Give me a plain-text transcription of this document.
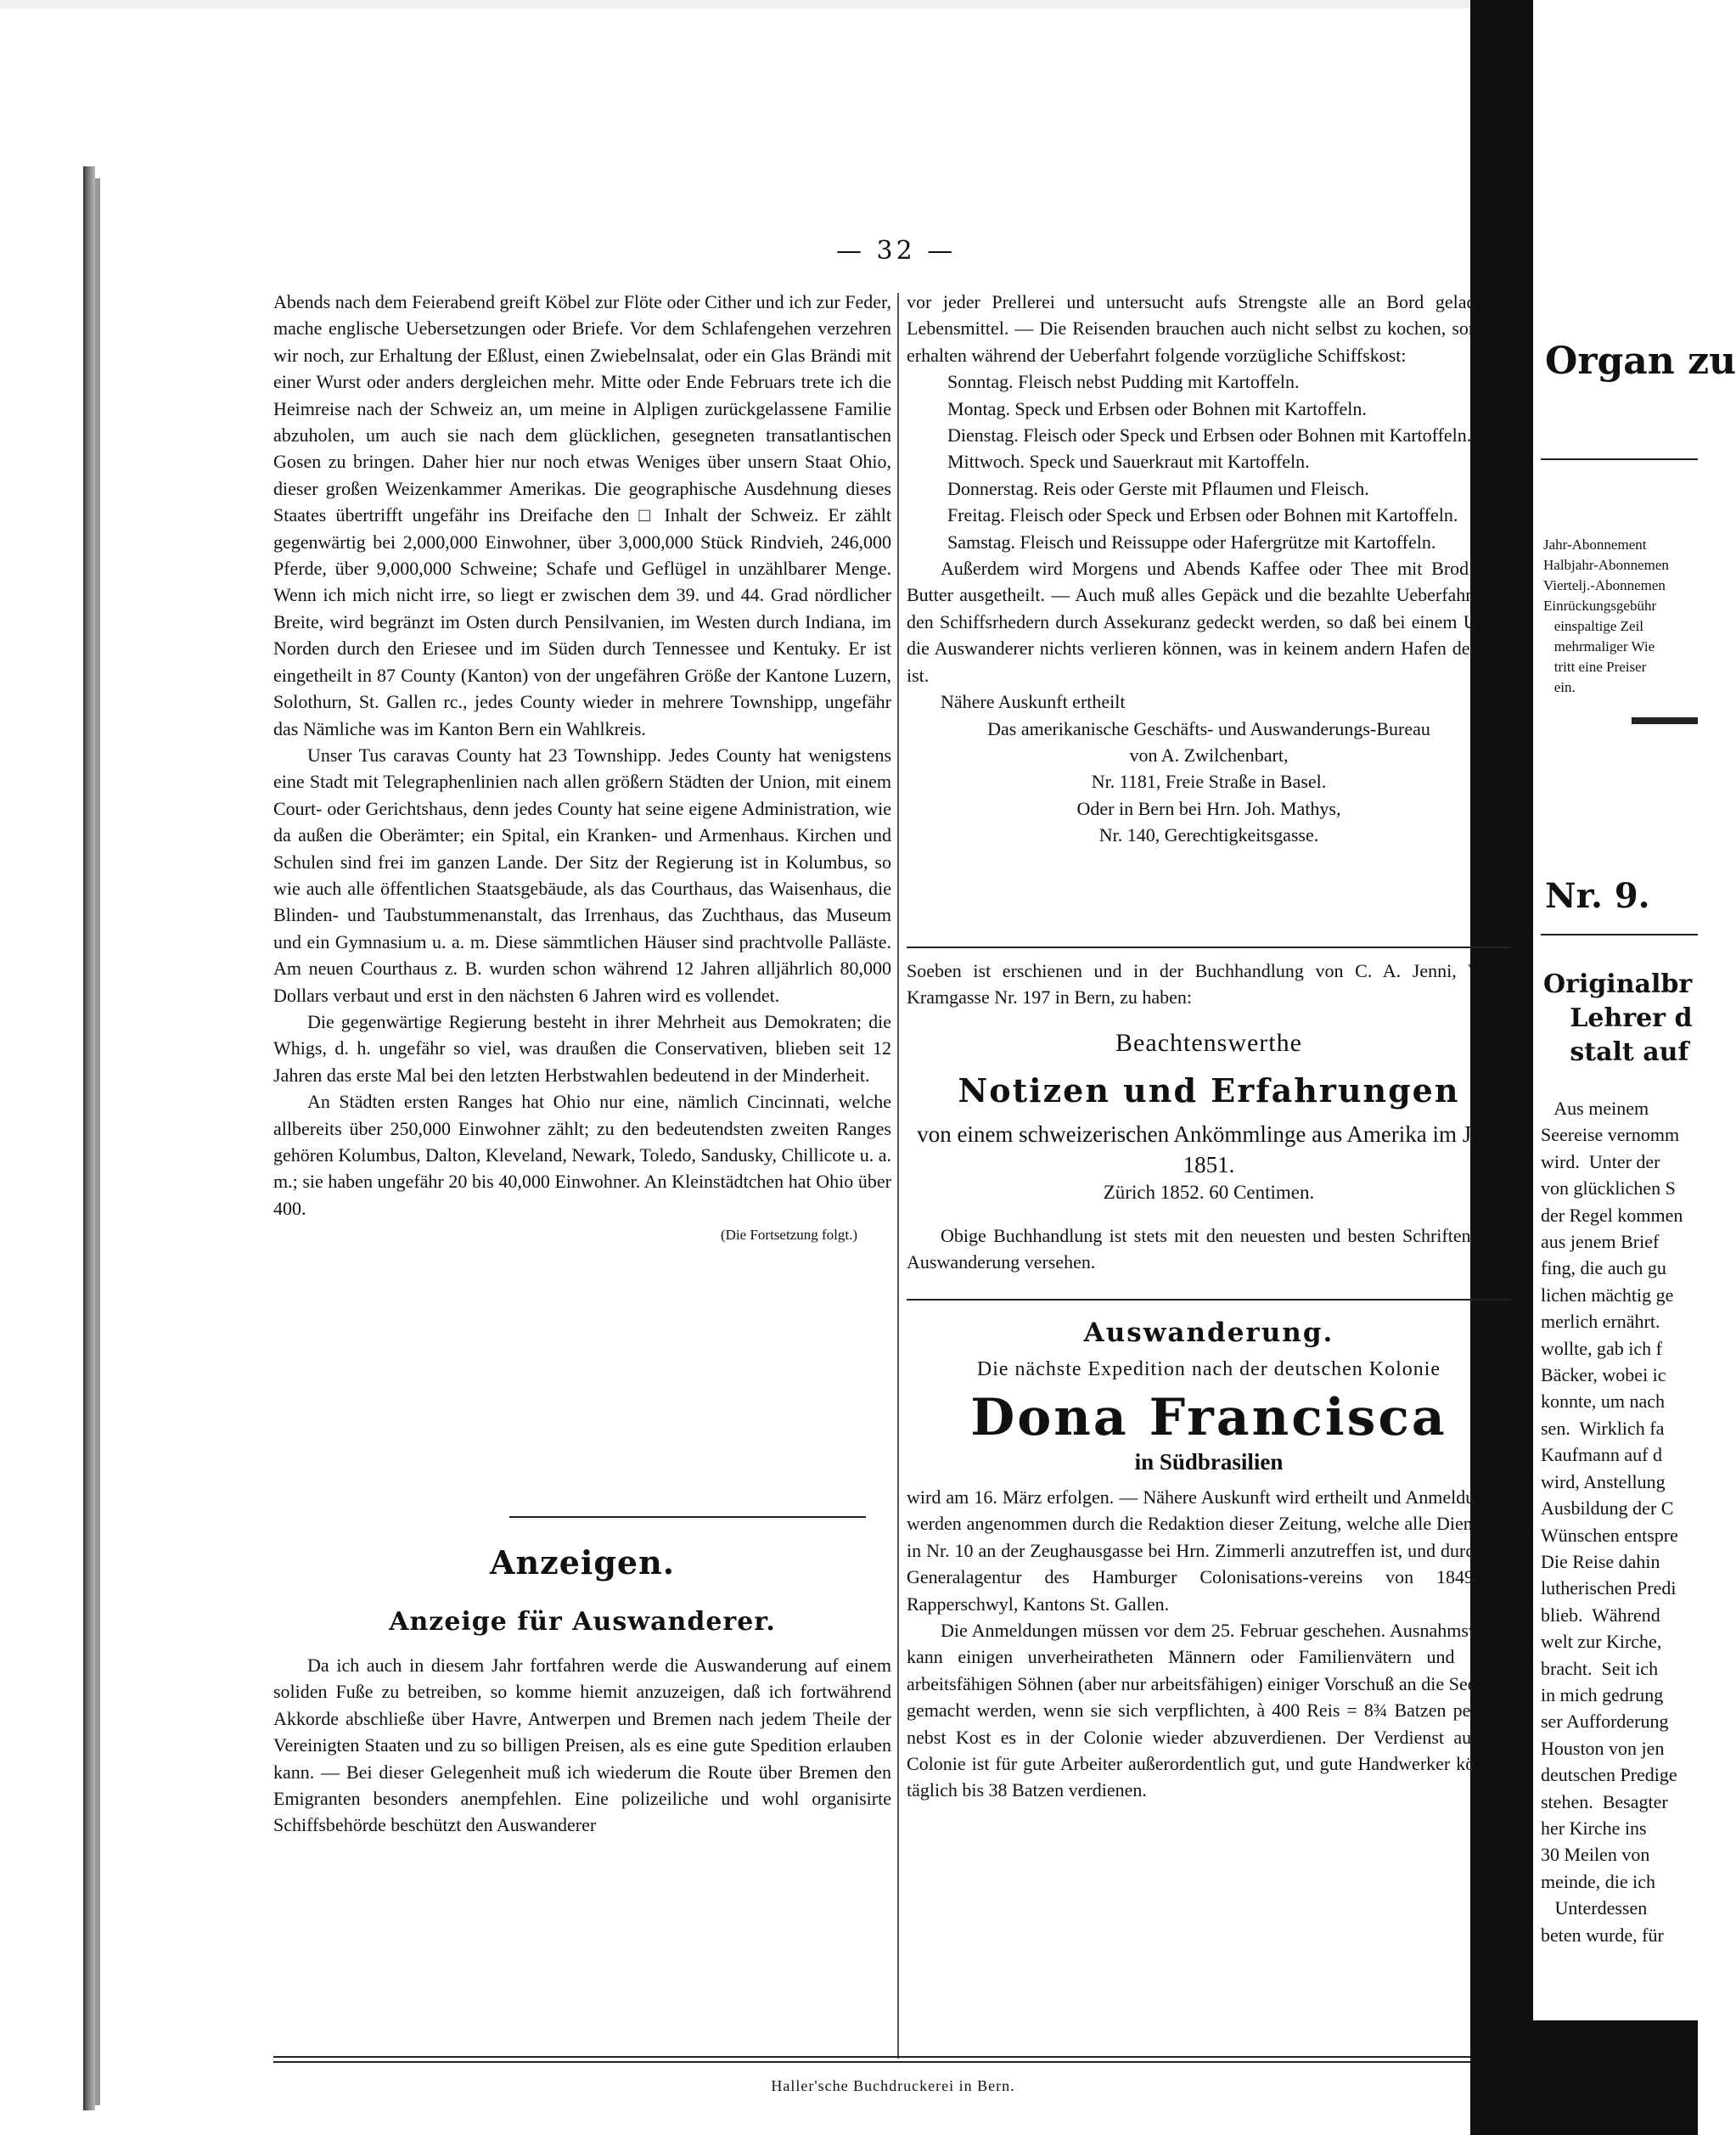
— 32 —

Abends nach dem Feierabend greift Köbel zur Flöte oder Cither und ich zur Feder, mache englische Uebersetzungen oder Briefe. Vor dem Schlafengehen verzehren wir noch, zur Erhaltung der Eßlust, einen Zwiebelnsalat, oder ein Glas Brändi mit einer Wurst oder anders dergleichen mehr. Mitte oder Ende Februars trete ich die Heimreise nach der Schweiz an, um meine in Alpligen zurückgelassene Familie abzuholen, um auch sie nach dem glücklichen, gesegneten transatlantischen Gosen zu bringen. Daher hier nur noch etwas Weniges über unsern Staat Ohio, dieser großen Weizenkammer Amerikas. Die geographische Ausdehnung dieses Staates übertrifft ungefähr ins Dreifache den □ Inhalt der Schweiz. Er zählt gegenwärtig bei 2,000,000 Einwohner, über 3,000,000 Stück Rindvieh, 246,000 Pferde, über 9,000,000 Schweine; Schafe und Geflügel in unzählbarer Menge. Wenn ich mich nicht irre, so liegt er zwischen dem 39. und 44. Grad nördlicher Breite, wird begränzt im Osten durch Pensilvanien, im Westen durch Indiana, im Norden durch den Eriesee und im Süden durch Tennessee und Kentuky. Er ist eingetheilt in 87 County (Kanton) von der ungefähren Größe der Kantone Luzern, Solothurn, St. Gallen rc., jedes County wieder in mehrere Townshipp, ungefähr das Nämliche was im Kanton Bern ein Wahlkreis.

Unser Tus caravas County hat 23 Townshipp. Jedes County hat wenigstens eine Stadt mit Telegraphenlinien nach allen größern Städten der Union, mit einem Court- oder Gerichtshaus, denn jedes County hat seine eigene Administration, wie da außen die Oberämter; ein Spital, ein Kranken- und Armenhaus. Kirchen und Schulen sind frei im ganzen Lande. Der Sitz der Regierung ist in Kolumbus, so wie auch alle öffentlichen Staatsgebäude, als das Courthaus, das Waisenhaus, die Blinden- und Taubstummenanstalt, das Irrenhaus, das Zuchthaus, das Museum und ein Gymnasium u. a. m. Diese sämmtlichen Häuser sind prachtvolle Palläste. Am neuen Courthaus z. B. wurden schon während 12 Jahren alljährlich 80,000 Dollars verbaut und erst in den nächsten 6 Jahren wird es vollendet.

Die gegenwärtige Regierung besteht in ihrer Mehrheit aus Demokraten; die Whigs, d. h. ungefähr so viel, was draußen die Conservativen, blieben seit 12 Jahren das erste Mal bei den letzten Herbstwahlen bedeutend in der Minderheit.

An Städten ersten Ranges hat Ohio nur eine, nämlich Cincinnati, welche allbereits über 250,000 Einwohner zählt; zu den bedeutendsten zweiten Ranges gehören Kolumbus, Dalton, Kleveland, Newark, Toledo, Sandusky, Chillicote u. a. m.; sie haben ungefähr 20 bis 40,000 Einwohner. An Kleinstädtchen hat Ohio über 400.

(Die Fortsetzung folgt.)

Anzeigen.
Anzeige für Auswanderer.

Da ich auch in diesem Jahr fortfahren werde die Auswanderung auf einem soliden Fuße zu betreiben, so komme hiemit anzuzeigen, daß ich fortwährend Akkorde abschließe über Havre, Antwerpen und Bremen nach jedem Theile der Vereinigten Staaten und zu so billigen Preisen, als es eine gute Spedition erlauben kann. — Bei dieser Gelegenheit muß ich wiederum die Route über Bremen den Emigranten besonders anempfehlen. Eine polizeiliche und wohl organisirte Schiffsbehörde beschützt den Auswanderer

vor jeder Prellerei und untersucht aufs Strengste alle an Bord geladenen Lebensmittel. — Die Reisenden brauchen auch nicht selbst zu kochen, sondern erhalten während der Ueberfahrt folgende vorzügliche Schiffskost:

Sonntag. Fleisch nebst Pudding mit Kartoffeln.

Montag. Speck und Erbsen oder Bohnen mit Kartoffeln.

Dienstag. Fleisch oder Speck und Erbsen oder Bohnen mit Kartoffeln.

Mittwoch. Speck und Sauerkraut mit Kartoffeln.

Donnerstag. Reis oder Gerste mit Pflaumen und Fleisch.

Freitag. Fleisch oder Speck und Erbsen oder Bohnen mit Kartoffeln.

Samstag. Fleisch und Reissuppe oder Hafergrütze mit Kartoffeln.

Außerdem wird Morgens und Abends Kaffee oder Thee mit Brod oder Butter ausgetheilt. — Auch muß alles Gepäck und die bezahlte Ueberfahrt von den Schiffsrhedern durch Assekuranz gedeckt werden, so daß bei einem Unfall die Auswanderer nichts verlieren können, was in keinem andern Hafen der Fall ist.

Nähere Auskunft ertheilt

Das amerikanische Geschäfts- und Auswanderungs-Bureau

von A. Zwilchenbart,

Nr. 1181, Freie Straße in Basel.

Oder in Bern bei Hrn. Joh. Mathys,

Nr. 140, Gerechtigkeitsgasse.

Soeben ist erschienen und in der Buchhandlung von C. A. Jenni, Vater, Kramgasse Nr. 197 in Bern, zu haben:
Beachtenswerthe
Notizen und Erfahrungen
von einem schweizerischen Ankömmlinge aus Amerika im Jahr 1851.
Zürich 1852. 60 Centimen.
Obige Buchhandlung ist stets mit den neuesten und besten Schriften über Auswanderung versehen.
Auswanderung.
Die nächste Expedition nach der deutschen Kolonie
Dona Francisca
in Südbrasilien

wird am 16. März erfolgen. — Nähere Auskunft wird ertheilt und Anmeldungen werden angenommen durch die Redaktion dieser Zeitung, welche alle Dienstage in Nr. 10 an der Zeughausgasse bei Hrn. Zimmerli anzutreffen ist, und durch die Generalagentur des Hamburger Colonisations-vereins von 1849 in Rapperschwyl, Kantons St. Gallen.

Die Anmeldungen müssen vor dem 25. Februar geschehen. Ausnahmsweise kann einigen unverheiratheten Männern oder Familienvätern und deren arbeitsfähigen Söhnen (aber nur arbeitsfähigen) einiger Vorschuß an die Seereise gemacht werden, wenn sie sich verpflichten, à 400 Reis = 8¾ Batzen per Tag nebst Kost es in der Colonie wieder abzuverdienen. Der Verdienst auf der Colonie ist für gute Arbeiter außerordentlich gut, und gute Handwerker können täglich bis 38 Batzen verdienen.

Haller'sche Buchdruckerei in Bern.
Organ zu
Jahr-Abonnement
Halbjahr-Abonnemen
Viertelj.-Abonnemen
Einrückungsgebühr
einspaltige Zeil
mehrmaliger Wie
tritt eine Preiser
ein.
Nr. 9.
Originalbr
Lehrer d
stalt auf
Aus meinem
Seereise vernomm
wird.  Unter der
von glücklichen S
der Regel kommen
aus jenem Brief
fing, die auch gu
lichen mächtig ge
merlich ernährt.
wollte, gab ich f
Bäcker, wobei ic
konnte, um nach
sen.  Wirklich fa
Kaufmann auf d
wird, Anstellung
Ausbildung der C
Wünschen entspre
Die Reise dahin
lutherischen Predi
blieb.  Während
welt zur Kirche,
bracht.  Seit ich
in mich gedrung
ser Aufforderung
Houston von jen
deutschen Predige
stehen.  Besagter
her Kirche ins
30 Meilen von
meinde, die ich
Unterdessen
beten wurde, für
